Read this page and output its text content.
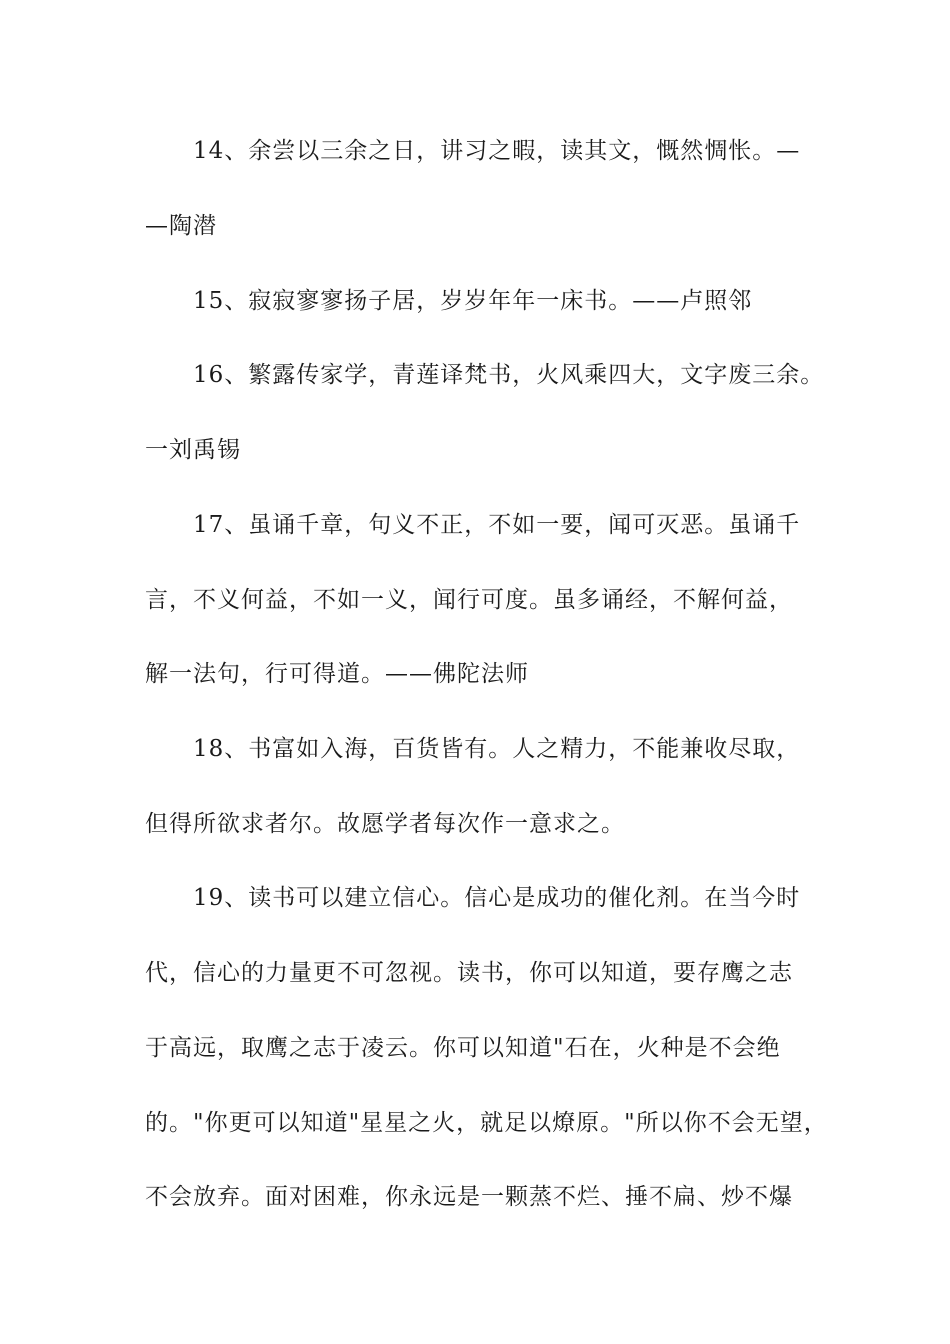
14、余尝以三余之日，讲习之暇，读其文，慨然惆怅。—
—陶潜
15、寂寂寥寥扬子居，岁岁年年一床书。——卢照邻
16、繁露传家学，青莲译梵书，火风乘四大，文字废三余。
一刘禹锡
17、虽诵千章，句义不正，不如一要，闻可灭恶。虽诵千
言，不义何益，不如一义，闻行可度。虽多诵经，不解何益，
解一法句，行可得道。——佛陀法师
18、书富如入海，百货皆有。人之精力，不能兼收尽取，
但得所欲求者尔。故愿学者每次作一意求之。
19、读书可以建立信心。信心是成功的催化剂。在当今时
代，信心的力量更不可忽视。读书，你可以知道，要存鹰之志
于高远，取鹰之志于凌云。你可以知道"石在，火种是不会绝
的。"你更可以知道"星星之火，就足以燎原。"所以你不会无望，
不会放弃。面对困难，你永远是一颗蒸不烂、捶不扁、炒不爆
